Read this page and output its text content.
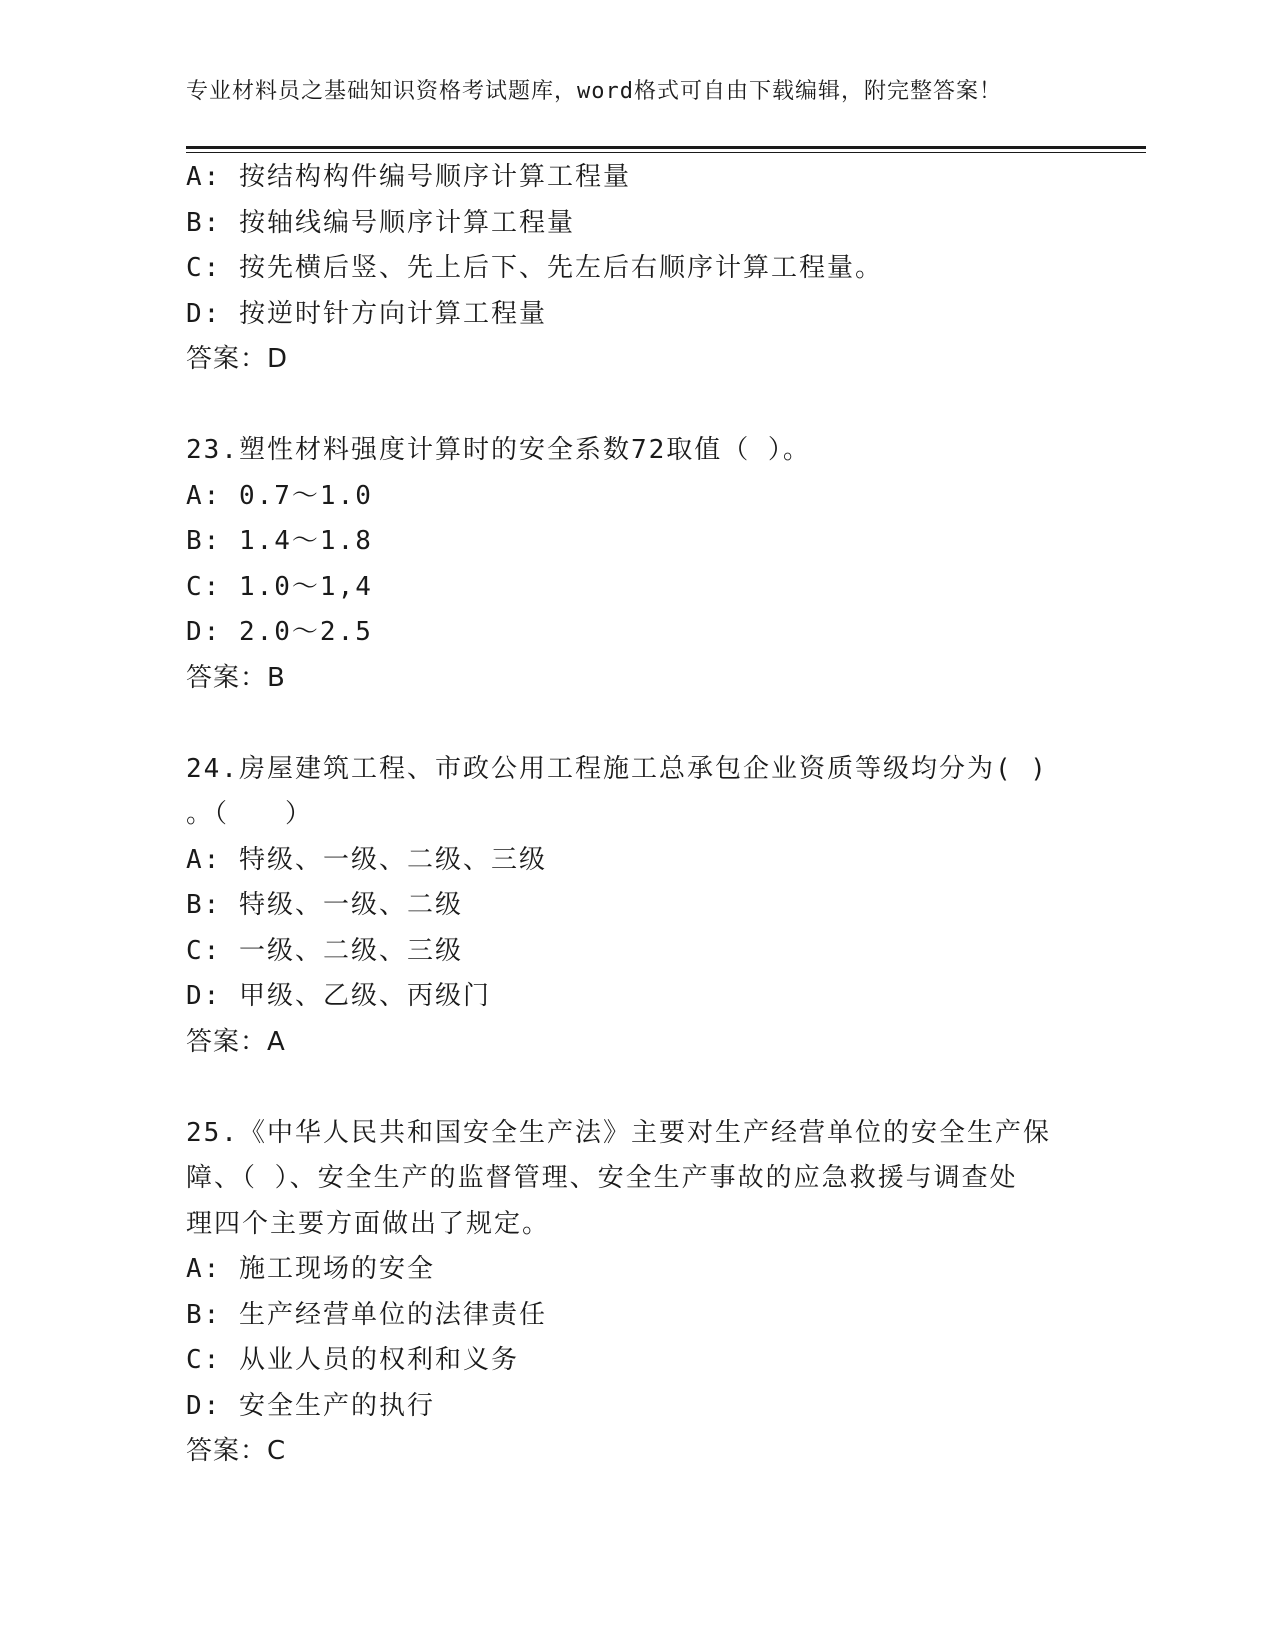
专业材料员之基础知识资格考试题库，word格式可自由下载编辑，附完整答案！
A: 按结构构件编号顺序计算工程量
B: 按轴线编号顺序计算工程量
C: 按先横后竖、先上后下、先左后右顺序计算工程量。
D: 按逆时针方向计算工程量
答案：D
23.塑性材料强度计算时的安全系数72取值（ ）。
A: 0.7～1.0
B: 1.4～1.8
C: 1.0～1,4
D: 2.0～2.5
答案：B
24.房屋建筑工程、市政公用工程施工总承包企业资质等级均分为( )
。（　　）
A: 特级、一级、二级、三级
B: 特级、一级、二级
C: 一级、二级、三级
D: 甲级、乙级、丙级门
答案：A
25.《中华人民共和国安全生产法》主要对生产经营单位的安全生产保
障、（ ）、安全生产的监督管理、安全生产事故的应急救援与调查处
理四个主要方面做出了规定。
A: 施工现场的安全
B: 生产经营单位的法律责任
C: 从业人员的权利和义务
D: 安全生产的执行
答案：C
